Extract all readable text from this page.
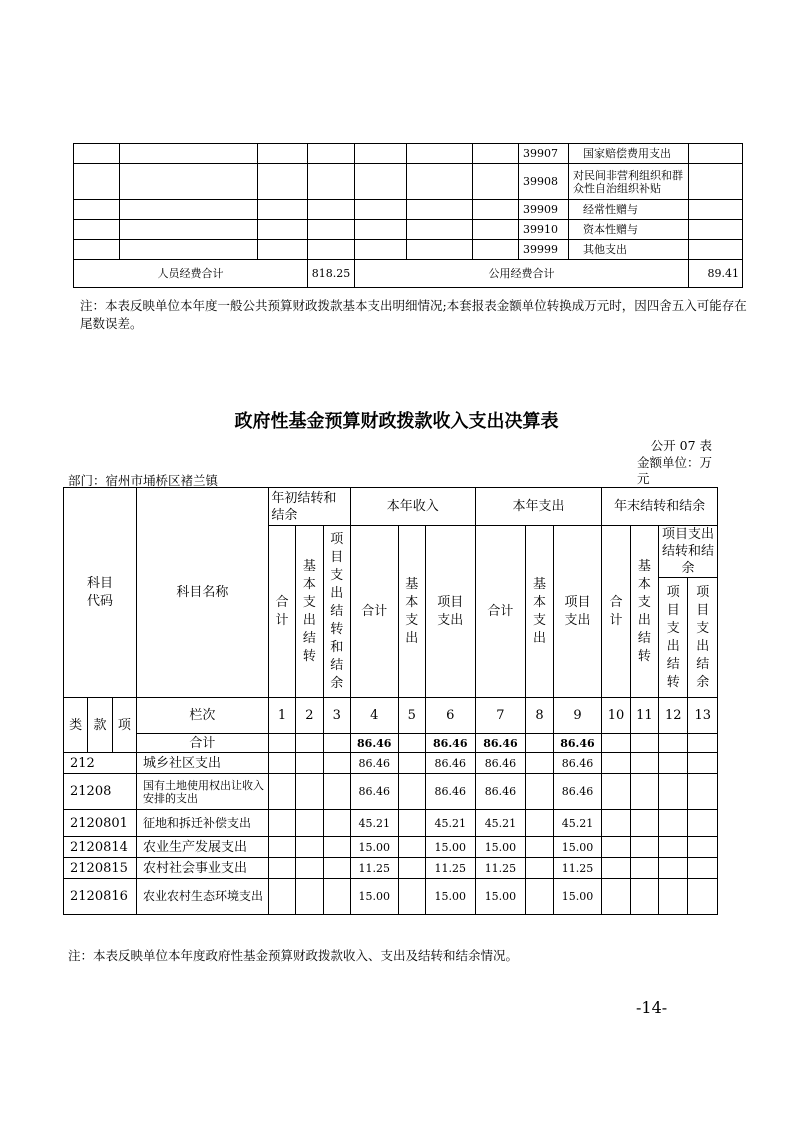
							39907	国家赔偿费用支出	
							39908	对民间非营利组织和群众性自治组织补贴	
							39909	经常性赠与	
							39910	资本性赠与	
							39999	其他支出	
人员经费合计			818.25	公用经费合计					89.41
注：本表反映单位本年度一般公共预算财政拨款基本支出明细情况;本套报表金额单位转换成万元时，因四舍五入可能存在尾数误差。
政府性基金预算财政拨款收入支出决算表
公开 07 表
金额单位：万元
部门：宿州市埇桥区褚兰镇
科目代码			科目名称	年初结转和结余			本年收入			本年支出			年末结转和结余			
				合计	基本支出结转	项目支出结转和结余	合计	基本支出	项目支出	合计	基本支出	项目支出	合计	基本支出结转	项目支出结转和结余	
															项目支出结转	项目支出结余

类	款	项	栏次	1	2	3	4	5	6	7	8	9	10	11	12	13
			合计				86.46		86.46	86.46		86.46				
212			城乡社区支出				86.46		86.46	86.46		86.46				
21208			国有土地使用权出让收入安排的支出				86.46		86.46	86.46		86.46				
2120801			征地和拆迁补偿支出				45.21		45.21	45.21		45.21				
2120814			农业生产发展支出				15.00		15.00	15.00		15.00				
2120815			农村社会事业支出				11.25		11.25	11.25		11.25				
2120816			农业农村生态环境支出				15.00		15.00	15.00		15.00				
注：本表反映单位本年度政府性基金预算财政拨款收入、支出及结转和结余情况。
-14-
